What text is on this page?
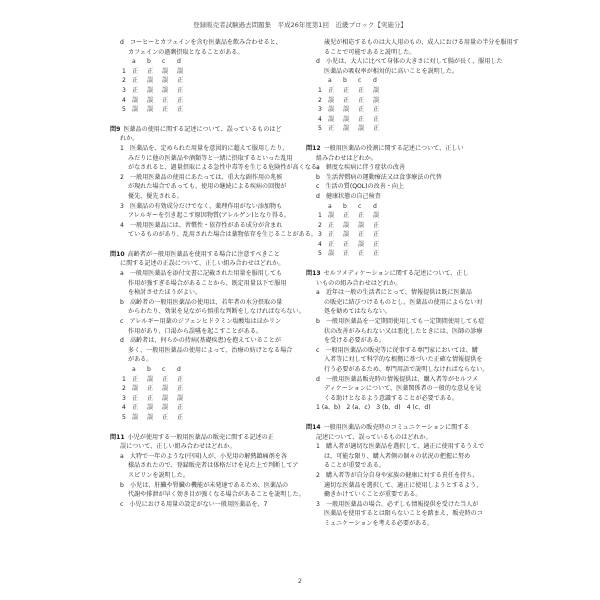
登録販売者試験過去問題集　平成26年度第1回　近畿ブロック【実施分】
d　コーヒーとカフェインを含む医薬品を飲み合わせると、
カフェインの過剰摂取となることがある。
a	b	c	d
1	正	正	誤	誤
2	正	誤	誤	正
3	正	誤	誤	正
4	誤	誤	正	正
5	誤	誤	正	正
問9 医薬品の使用に関する記述について、誤っているものはど

れか。
1　医薬品を、定められた用量を意図的に超えて服用したり、
みだりに他の医薬品や酒類等と一緒に摂取するといった乱用
がなされると、過量摂取による急性中毒等を生じる危険性が高くなる。
2　一般用医薬品の使用にあたっては、重大な副作用の兆候
が現れた場合であっても、使用の継続による疾病の回復が
優先、優先される。
3　医薬品の有効成分だけでなく、薬理作用がない添加物も
アレルギーを引き起こす原因物質(アレルゲン)となり得る。
4　一般用医薬品には、習慣性・依存性がある成分が含まれ
ているものがあり、乱用された場合は薬物依存を生じることがある。
問10 高齢者が一般用医薬品を使用する場合に注意すべきこと

に関する記述の正誤について、正しい組み合わせはどれか。
a　一般用医薬品を添付文書に記載された用量を服用しても
作用が強すぎる場合があることから、既定用量以下で服用
を検討させたほうがよい。
b　高齢者の一般用医薬品の使用は、若年者の水分摂取の量
からわたり、効果を見ながら慎重な判断をしなければならない。
c　アレルギー用薬のジフェンヒドラミン塩酸塩はほかリン
作用があり、口渇から誤嚥を起こすことがある。
d　高齢者は、何らかの持病(基礎疾患)を抱えていることが
多く、一般用医薬品の使用によって、治療の妨げとなる場合
がある。
a	b	c	d
1	正	誤	正	正
2	誤	正	誤	正
3	正	正	誤	誤
4	正	誤	誤	正
5	誤	誤	正	正
問11 小児が使用する一般用医薬品の販売に関する記述の正

誤について、正しい組み合わせはどれか。
a　大特で一年のような(中国)人が、小児用の解熱鎮痛剤を各
様品されたので、登録販売者は体格だけを見た上で判断してア
スピリンを説明した。
b　小児は、肝臓や腎臓の機能が未発達であるため、医薬品の
代謝や排泄が早く効き目が強くなる場合があることを説明した。
c　小児における用量の設定がない一般用医薬品を、7
歳児が相応するものは大人用のもの、成人における用量の半分を服用す
ることで可能であると説明した。
d　小児は、大人に比べて身体の大きさに対して腸が長く、服用した
医薬品の吸収率が相対的に高いことを説明した。
a	b	c	d
1	正	正	正	誤
2	誤	正	正	誤
3	誤	誤	正	正
4	誤	誤	正	正
5	正	誤	誤	正
問12 一般用医薬品の役割に関する記述について、正しい

組み合わせはどれか。
a　軽度な疾病に伴う症状の改善
b　生活習慣病の運動療法又は食事療法の代替
c　生活の質(QOL)の改善・向上
d　健康状態の自己検査
a	b	c	d
1	誤	正	正	誤
2	正	誤	誤	正
3	正	誤	正	正
4	正	正	誤	正
5	誤	正	正	正
問13 セルフメディケーションに関する記述について、正し

いものの組み合わせはどれか。
a　近年は一般の生活者にとって、情報提供は既に医薬品
の販売に結びつけるものとし、医薬品の使用によらない対
処を勧めてはならない。
b　一般用医薬品を一定期間使用しても一定期間使用しても症
状の改善がみられない又は悪化したときには、医師の診療
を受ける必要がある。
c　一般用医薬品の販売等に従事する専門家においては、購
入者等に対して科学的な根拠に基づいた正確な情報提供を
行う必要があるため、専門用語で説明しなければならない。
d　一般用医薬品販売時の情報提供は、購入者等がセルフメ
ディケーションについて、医薬関係者の一般的な意見を見
くる助けとなるよう意識することが必要である。
1 (a、b)　2 (a、c)　3 (b、d)　4 (c、d)
問14 一般用医薬品の販売時のコミュニケーションに関する

記述について、誤っているものはどれか。
1　購入者が適切な医薬品を選択して、適正に使用するうえで
は、可能な限り、購入者側の個々の状況の把握に努め
ることが重要である。
2　購入者等が自分自身や家族の健康に対する責任を持ち、
適切な医薬品を選択して、適正に使用しようとするよう、
働きかけていくことが重要である。
3　一般用医薬品の場合、必ずしも情報提供を受けた当人が
医薬品を使用するとは限らないことを踏まえ、販売時のコ
ミュニケーションを考える必要がある。
2
